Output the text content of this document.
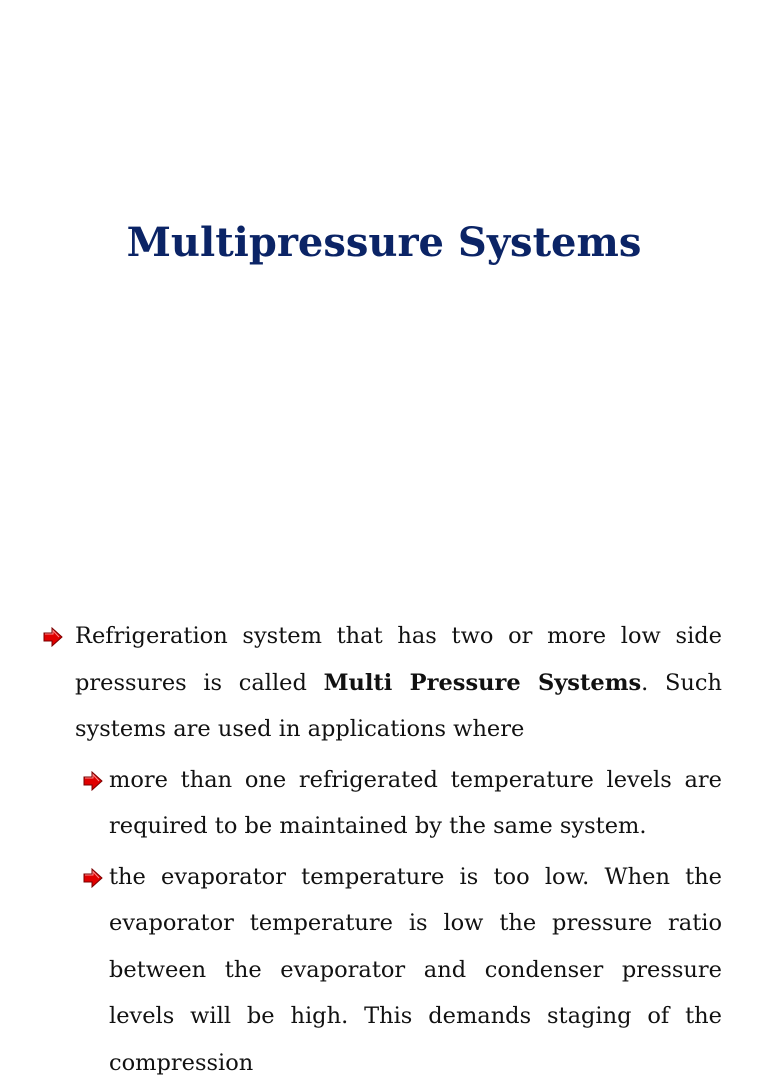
Multipressure Systems

Refrigeration system that has two or more low side pressures is called Multi Pressure Systems. Such systems are used in applications where

more than one refrigerated temperature levels are required to be maintained by the same system.

the evaporator temperature is too low. When the evaporator temperature is low the pressure ratio between the evaporator and condenser pressure levels will be high. This demands staging of the compression
